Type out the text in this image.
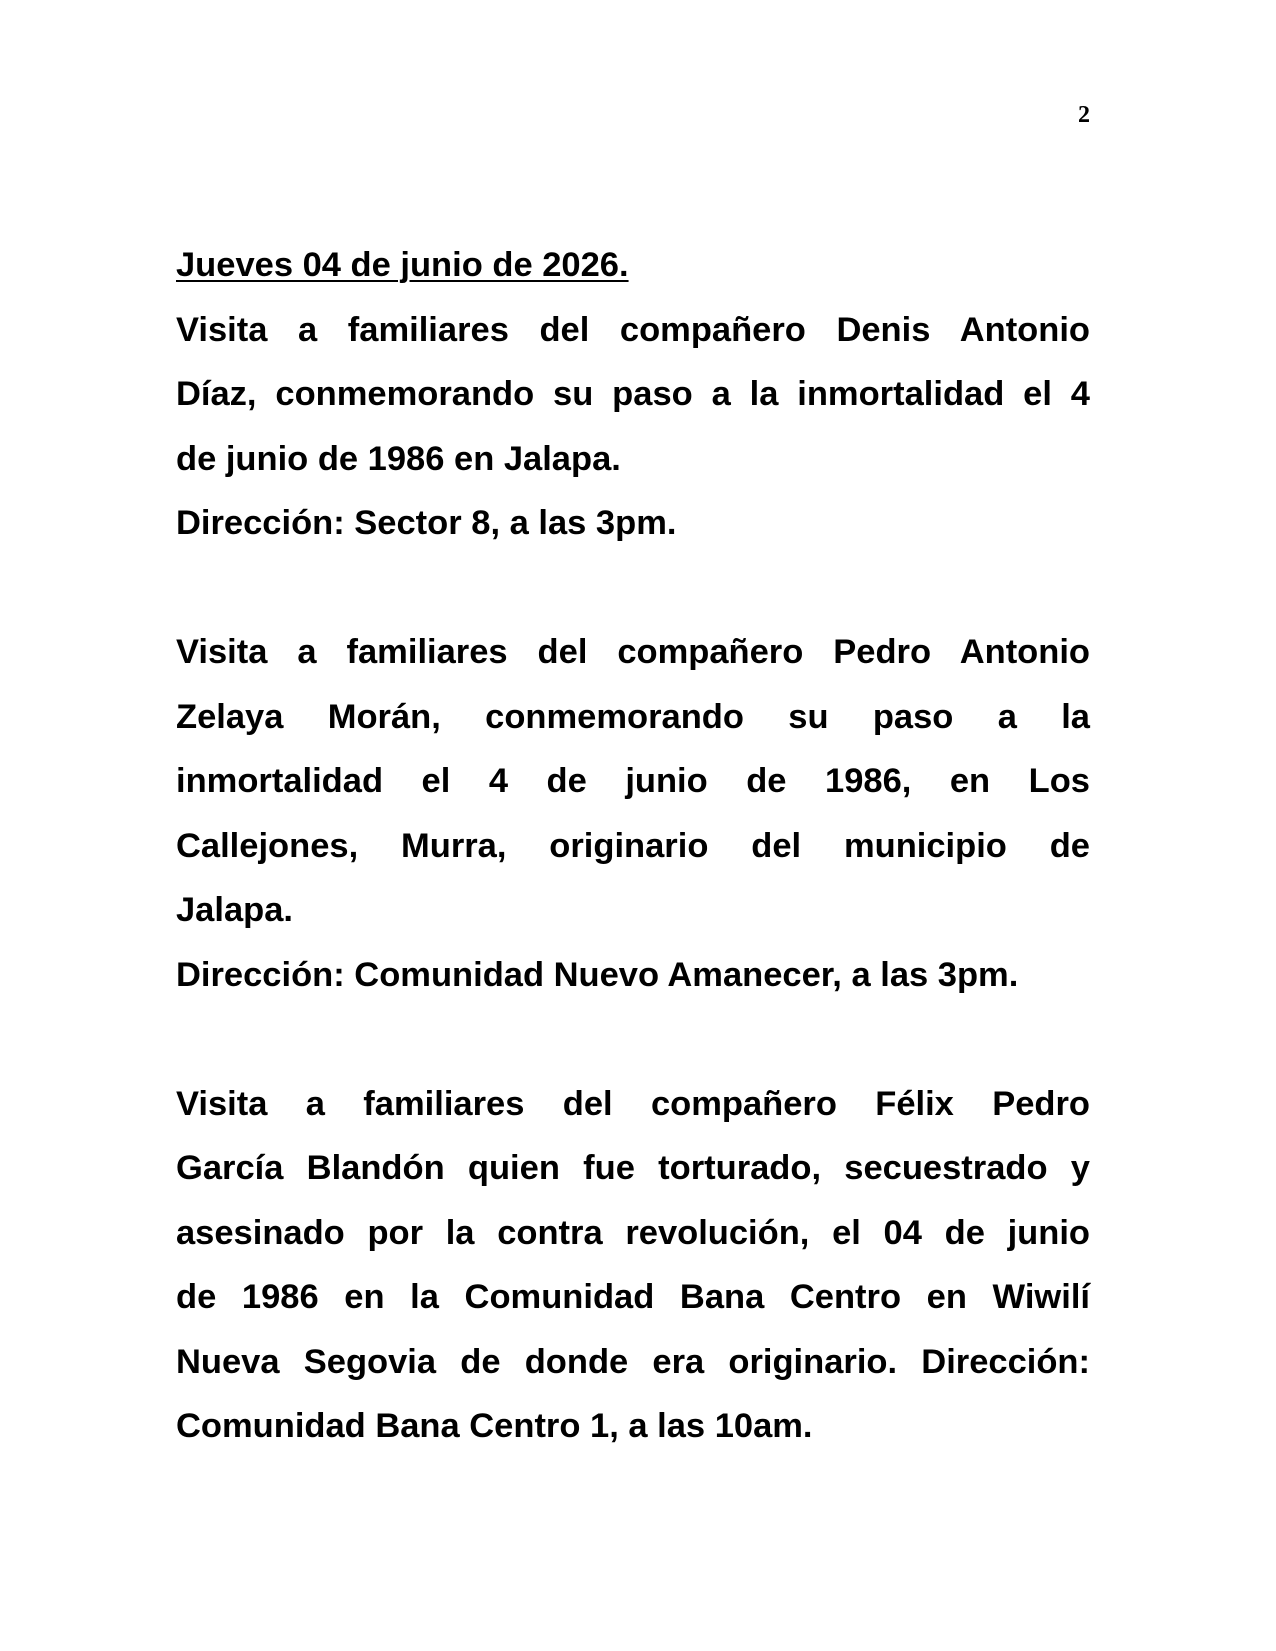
2
Jueves 04 de junio de 2026.
Visita a familiares del compañero Denis Antonio
Díaz, conmemorando su paso a la inmortalidad el 4
de junio de 1986 en Jalapa.
Dirección: Sector 8, a las 3pm.
Visita a familiares del compañero Pedro Antonio
Zelaya Morán, conmemorando su paso a la
inmortalidad el 4 de junio de 1986, en Los
Callejones, Murra, originario del municipio de
Jalapa.
Dirección: Comunidad Nuevo Amanecer, a las 3pm.
Visita a familiares del compañero Félix Pedro
García Blandón quien fue torturado, secuestrado y
asesinado por la contra revolución, el 04 de junio
de 1986 en la Comunidad Bana Centro en Wiwilí
Nueva Segovia de donde era originario. Dirección:
Comunidad Bana Centro 1, a las 10am.
